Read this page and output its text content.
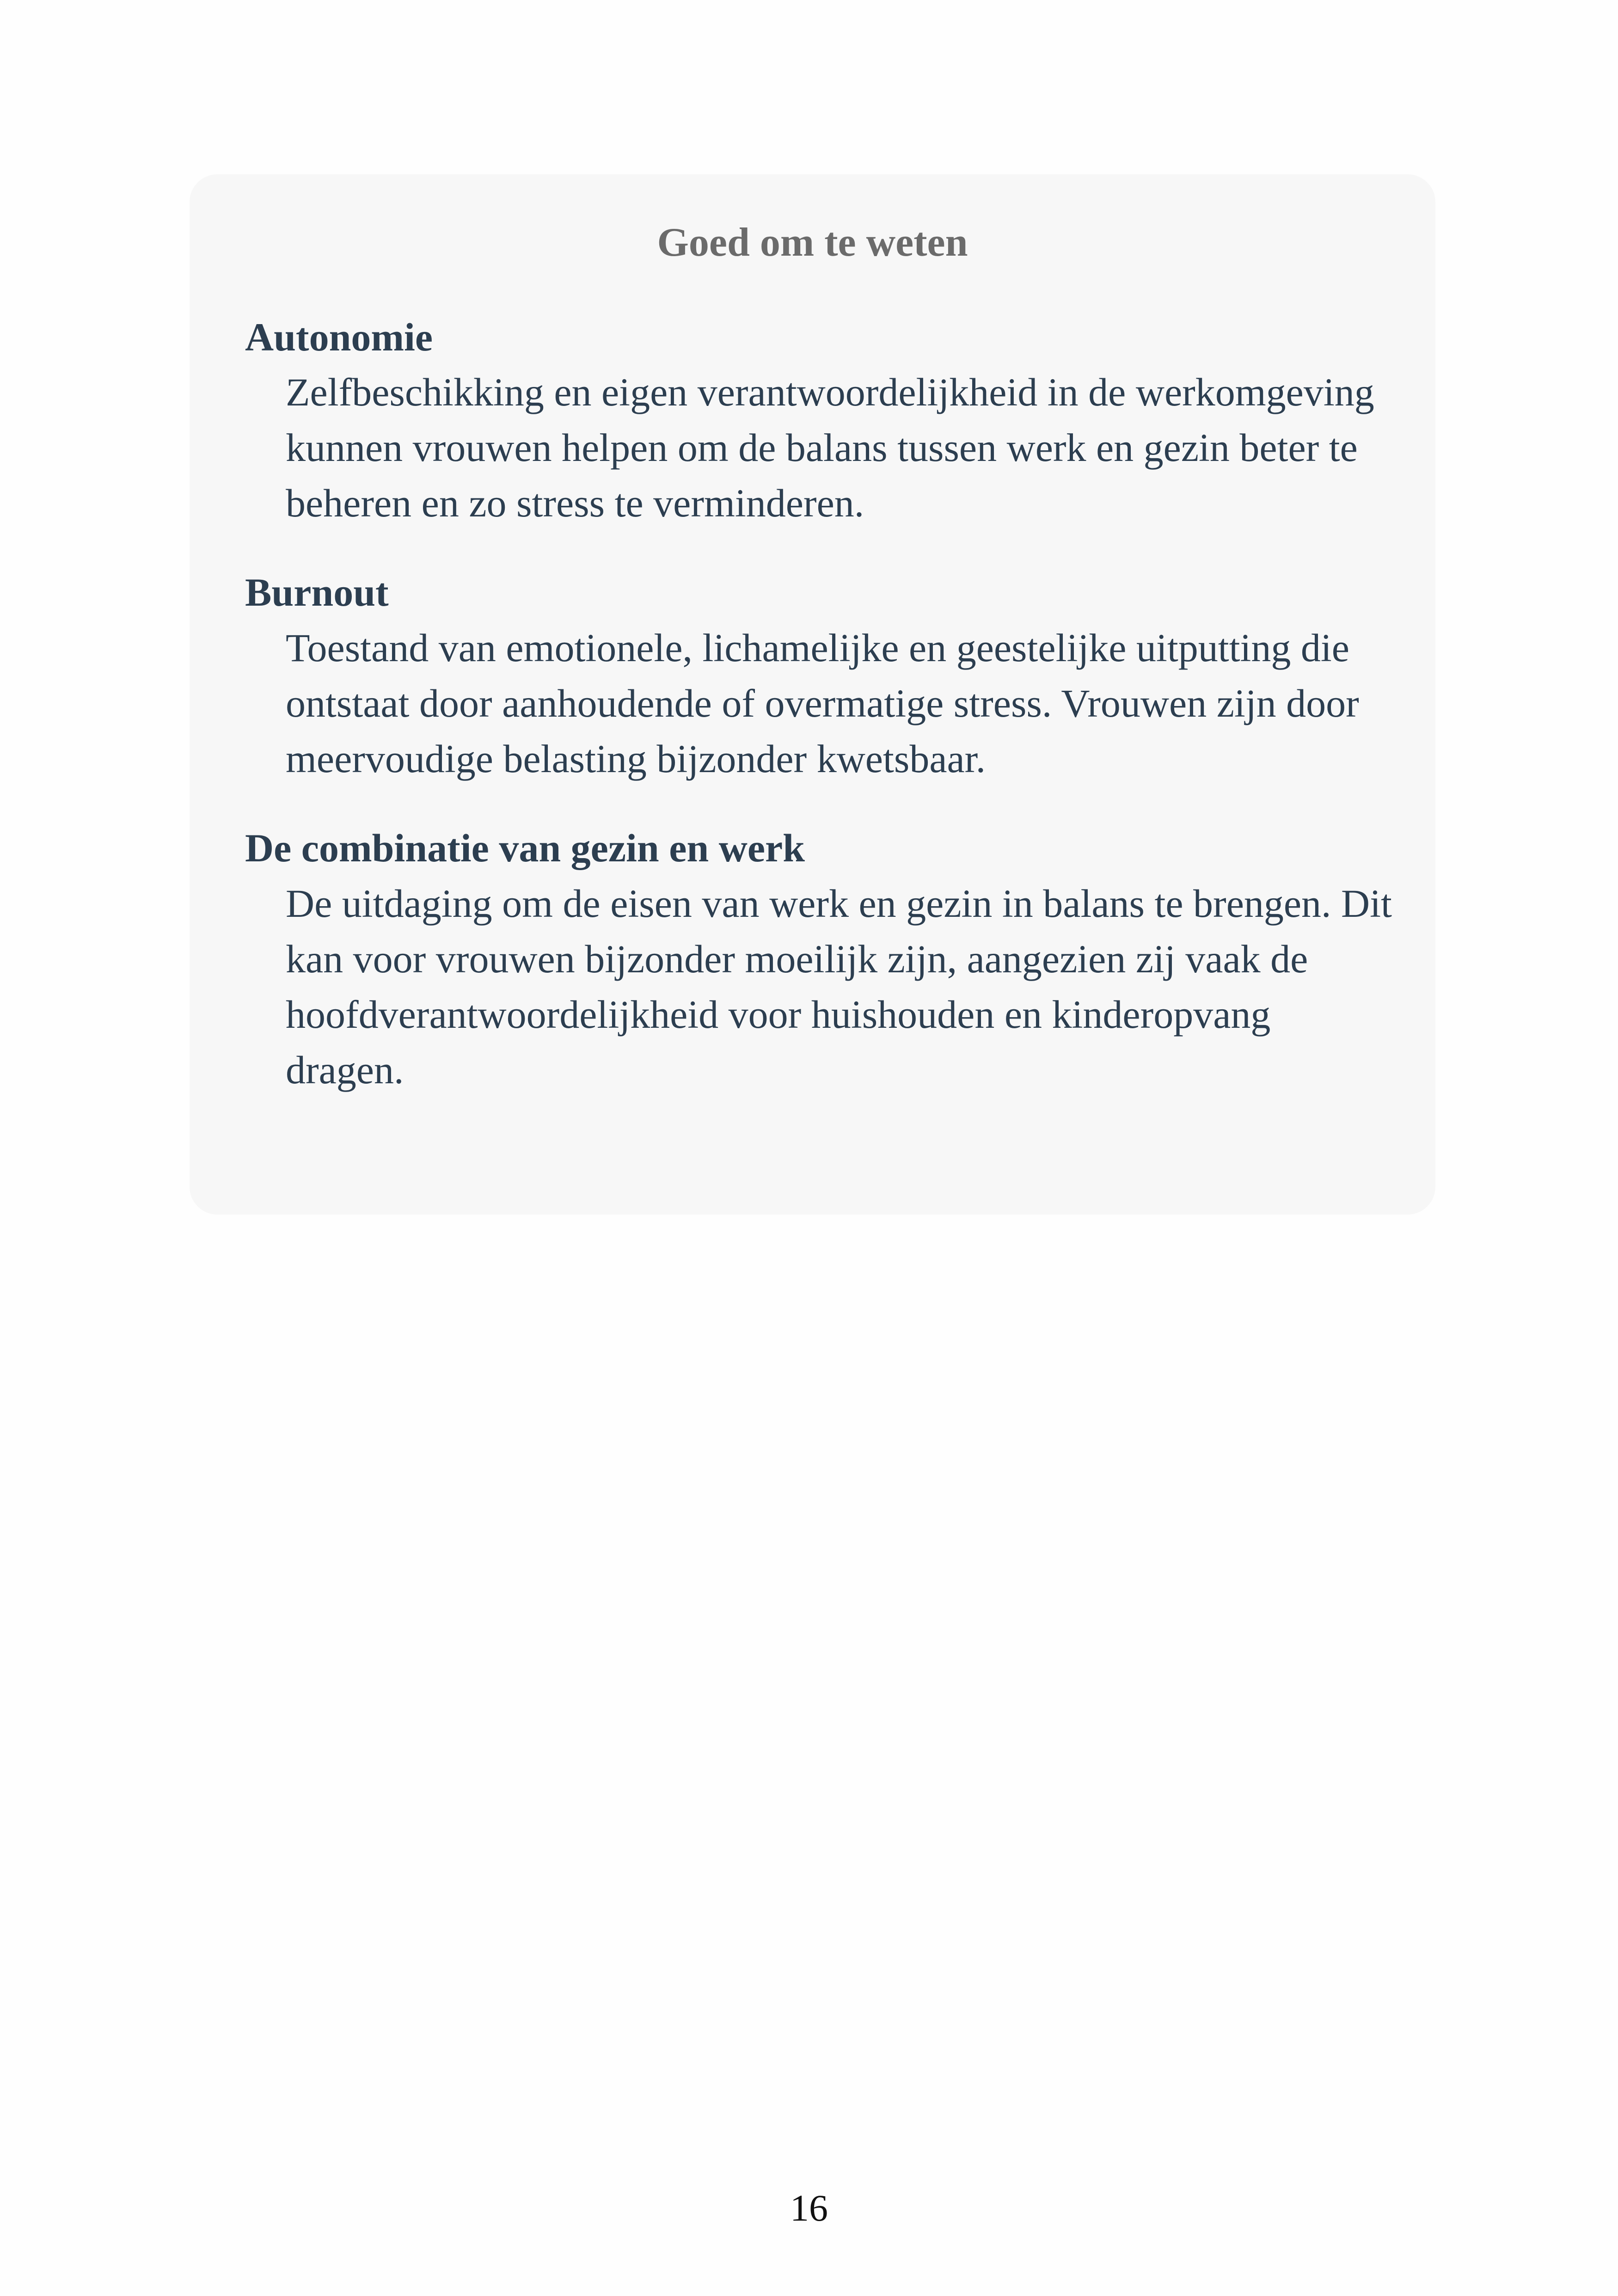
Goed om te weten
Autonomie
Zelfbeschikking en eigen verantwoordelijkheid in de werkomgeving kunnen vrouwen helpen om de balans tussen werk en gezin beter te beheren en zo stress te verminderen.
Burnout
Toestand van emotionele, lichamelijke en geestelijke uitputting die ontstaat door aanhoudende of overmatige stress. Vrouwen zijn door meervoudige belasting bijzonder kwetsbaar.
De combinatie van gezin en werk
De uitdaging om de eisen van werk en gezin in balans te brengen. Dit kan voor vrouwen bijzonder moeilijk zijn, aangezien zij vaak de hoofdverantwoordelijkheid voor huishouden en kinderopvang dragen.
16
